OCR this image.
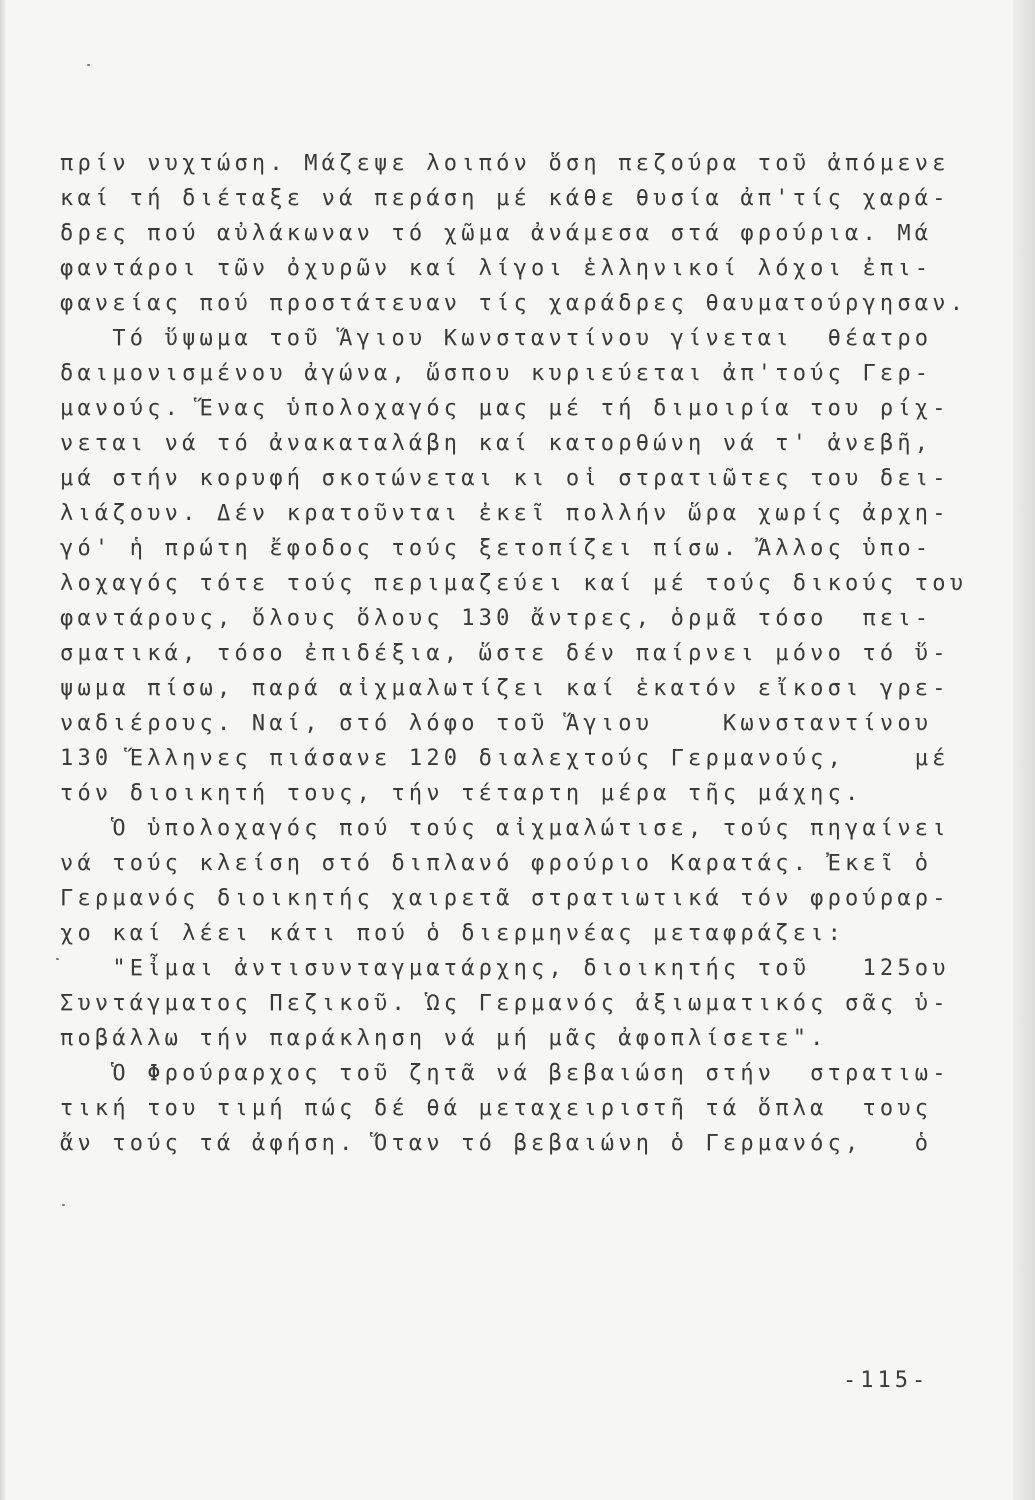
πρίν νυχτώση. Μάζεψε λοιπόν ὅση πεζούρα τοῦ ἀπόμενε
καί τή διέταξε νά περάση μέ κάθε θυσία ἀπ'τίς χαρά-
δρες πού αὐλάκωναν τό χῶμα ἀνάμεσα στά φρούρια. Μά
φαντάροι τῶν ὀχυρῶν καί λίγοι ἑλληνικοί λόχοι ἐπι-
φανείας πού προστάτευαν τίς χαράδρες θαυματούργησαν.
Τό ὕψωμα τοῦ Ἅγιου Κωνσταντίνου γίνεται  θέατρο
δαιμονισμένου ἀγώνα, ὥσπου κυριεύεται ἀπ'τούς Γερ-
μανούς. Ἕνας ὑπολοχαγός μας μέ τή διμοιρία του ρίχ-
νεται νά τό ἀνακαταλάβη καί κατορθώνη νά τ' ἀνεβῆ,
μά στήν κορυφή σκοτώνεται κι οἱ στρατιῶτες του δει-
λιάζουν. Δέν κρατοῦνται ἐκεῖ πολλήν ὥρα χωρίς ἀρχη-
γό' ἡ πρώτη ἔφοδος τούς ξετοπίζει πίσω. Ἄλλος ὑπο-
λοχαγός τότε τούς περιμαζεύει καί μέ τούς δικούς του
φαντάρους, ὅλους ὅλους 130 ἄντρες, ὁρμᾶ τόσο  πει-
σματικά, τόσο ἐπιδέξια, ὥστε δέν παίρνει μόνο τό ὕ-
ψωμα πίσω, παρά αἰχμαλωτίζει καί ἑκατόν εἴκοσι γρε-
ναδιέρους. Ναί, στό λόφο τοῦ Ἅγιου    Κωνσταντίνου
130 Ἕλληνες πιάσανε 120 διαλεχτούς Γερμανούς,    μέ
τόν διοικητή τους, τήν τέταρτη μέρα τῆς μάχης.
Ὁ ὑπολοχαγός πού τούς αἰχμαλώτισε, τούς πηγαίνει
νά τούς κλείση στό διπλανό φρούριο Καρατάς. Ἐκεῖ ὁ
Γερμανός διοικητής χαιρετᾶ στρατιωτικά τόν φρούραρ-
χο καί λέει κάτι πού ὁ διερμηνέας μεταφράζει:
"Εἶμαι ἀντισυνταγματάρχης, διοικητής τοῦ   125ου
Συντάγματος Πεζικοῦ. Ὡς Γερμανός ἀξιωματικός σᾶς ὑ-
ποβάλλω τήν παράκληση νά μή μᾶς ἀφοπλίσετε".
Ὁ Φρούραρχος τοῦ ζητᾶ νά βεβαιώση στήν  στρατιω-
τική του τιμή πώς δέ θά μεταχειριστῆ τά ὅπλα  τους
ἄν τούς τά ἀφήση. Ὅταν τό βεβαιώνη ὁ Γερμανός,   ὁ
-115-
